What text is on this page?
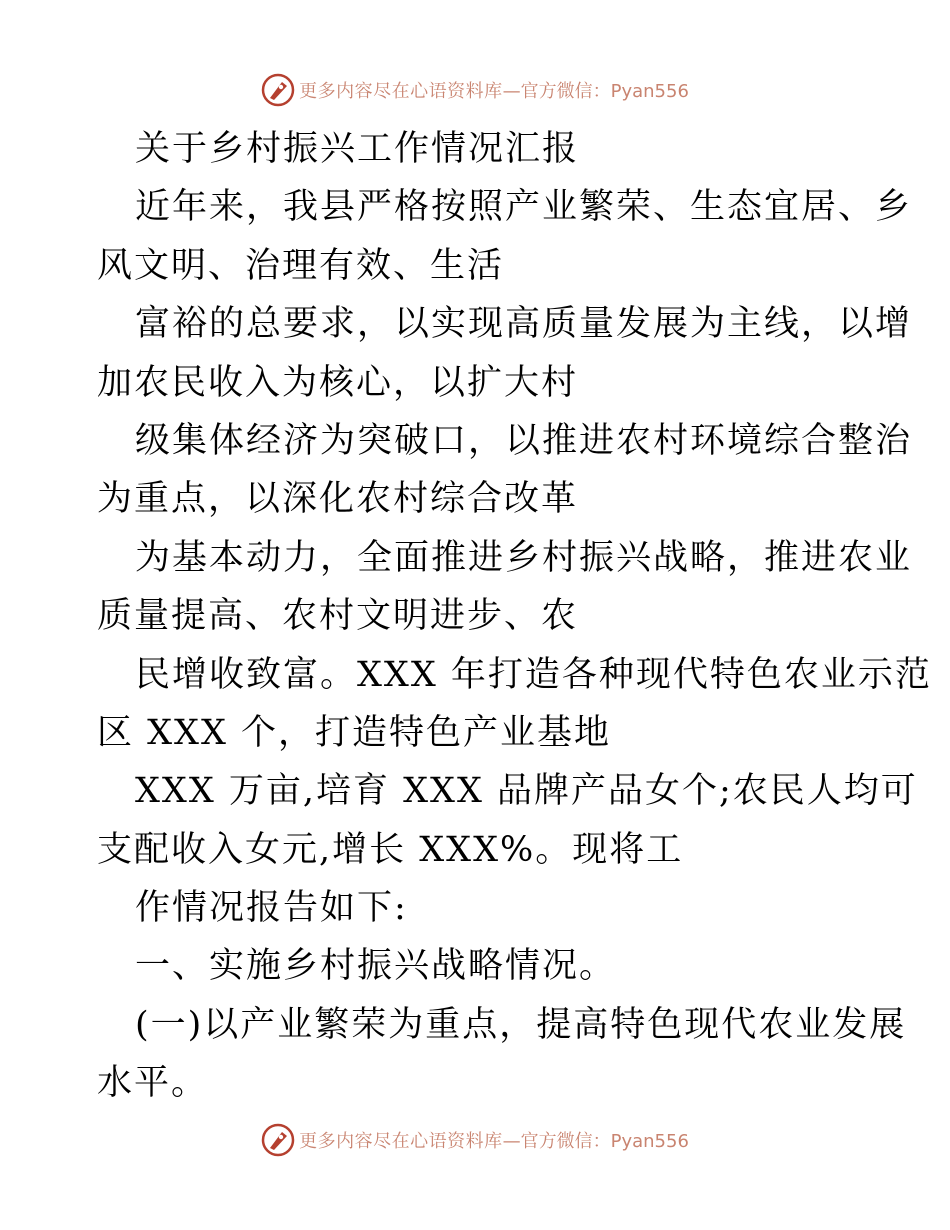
更多内容尽在心语资料库 —官方微信：Pyan556
关于乡村振兴工作情况汇报
近年来，我县严格按照产业繁荣、生态宜居、乡
风文明、治理有效、生活
富裕的总要求，以实现高质量发展为主线，以增
加农民收入为核心，以扩大村
级集体经济为突破口，以推进农村环境综合整治
为重点，以深化农村综合改革
为基本动力，全面推进乡村振兴战略，推进农业
质量提高、农村文明进步、农
民增收致富。XXX 年打造各种现代特色农业示范
区 XXX 个，打造特色产业基地
XXX 万亩,培育 XXX 品牌产品女个;农民人均可
支配收入女元,增长 XXX%。现将工
作情况报告如下:
一、实施乡村振兴战略情况。
(一)以产业繁荣为重点，提高特色现代农业发展
水平。
更多内容尽在心语资料库 —官方微信：Pyan556
